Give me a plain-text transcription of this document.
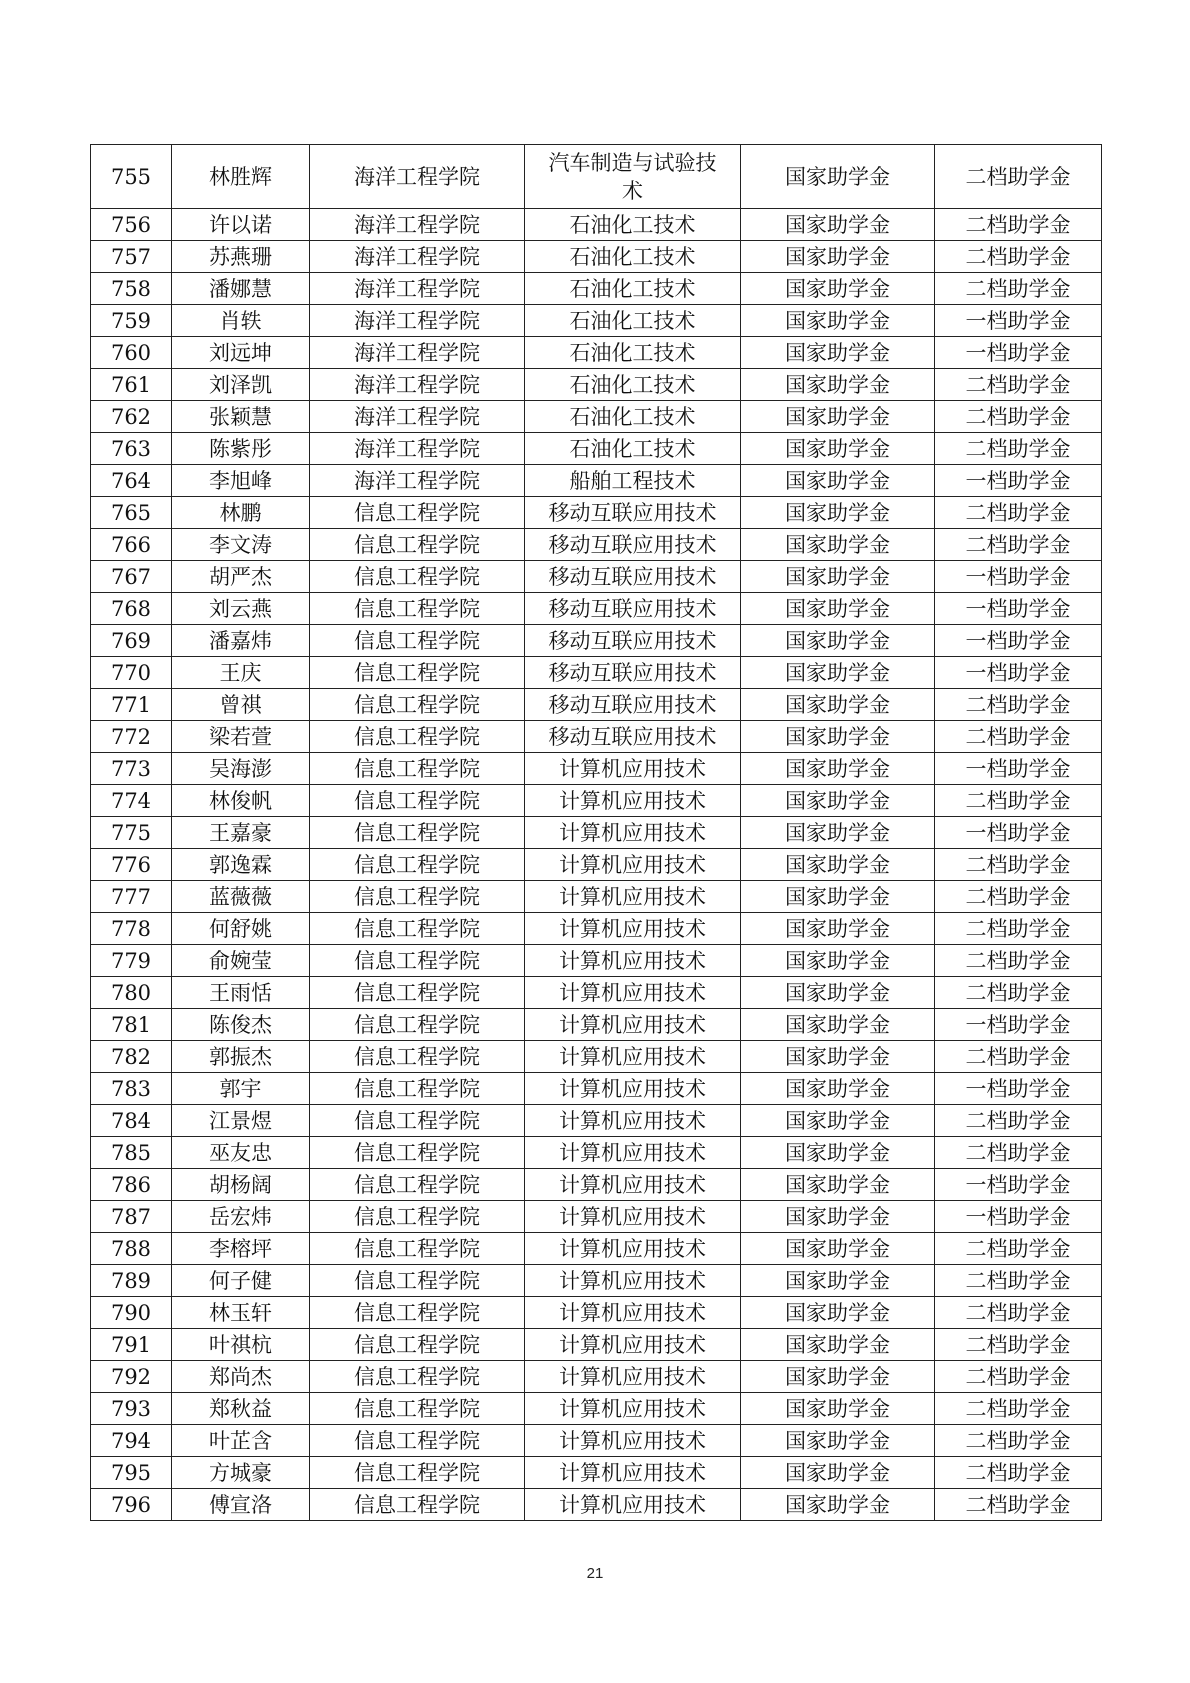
755	林胜辉	海洋工程学院	汽车制造与试验技术	国家助学金	二档助学金
756	许以诺	海洋工程学院	石油化工技术	国家助学金	二档助学金
757	苏燕珊	海洋工程学院	石油化工技术	国家助学金	二档助学金
758	潘娜慧	海洋工程学院	石油化工技术	国家助学金	二档助学金
759	肖轶	海洋工程学院	石油化工技术	国家助学金	一档助学金
760	刘远坤	海洋工程学院	石油化工技术	国家助学金	一档助学金
761	刘泽凯	海洋工程学院	石油化工技术	国家助学金	二档助学金
762	张颖慧	海洋工程学院	石油化工技术	国家助学金	二档助学金
763	陈紫彤	海洋工程学院	石油化工技术	国家助学金	二档助学金
764	李旭峰	海洋工程学院	船舶工程技术	国家助学金	一档助学金
765	林鹏	信息工程学院	移动互联应用技术	国家助学金	二档助学金
766	李文涛	信息工程学院	移动互联应用技术	国家助学金	二档助学金
767	胡严杰	信息工程学院	移动互联应用技术	国家助学金	一档助学金
768	刘云燕	信息工程学院	移动互联应用技术	国家助学金	一档助学金
769	潘嘉炜	信息工程学院	移动互联应用技术	国家助学金	一档助学金
770	王庆	信息工程学院	移动互联应用技术	国家助学金	一档助学金
771	曾祺	信息工程学院	移动互联应用技术	国家助学金	二档助学金
772	梁若萱	信息工程学院	移动互联应用技术	国家助学金	二档助学金
773	吴海澎	信息工程学院	计算机应用技术	国家助学金	一档助学金
774	林俊帆	信息工程学院	计算机应用技术	国家助学金	二档助学金
775	王嘉豪	信息工程学院	计算机应用技术	国家助学金	一档助学金
776	郭逸霖	信息工程学院	计算机应用技术	国家助学金	二档助学金
777	蓝薇薇	信息工程学院	计算机应用技术	国家助学金	二档助学金
778	何舒姚	信息工程学院	计算机应用技术	国家助学金	二档助学金
779	俞婉莹	信息工程学院	计算机应用技术	国家助学金	二档助学金
780	王雨恬	信息工程学院	计算机应用技术	国家助学金	二档助学金
781	陈俊杰	信息工程学院	计算机应用技术	国家助学金	一档助学金
782	郭振杰	信息工程学院	计算机应用技术	国家助学金	二档助学金
783	郭宇	信息工程学院	计算机应用技术	国家助学金	一档助学金
784	江景煜	信息工程学院	计算机应用技术	国家助学金	二档助学金
785	巫友忠	信息工程学院	计算机应用技术	国家助学金	二档助学金
786	胡杨阔	信息工程学院	计算机应用技术	国家助学金	一档助学金
787	岳宏炜	信息工程学院	计算机应用技术	国家助学金	一档助学金
788	李榕坪	信息工程学院	计算机应用技术	国家助学金	二档助学金
789	何子健	信息工程学院	计算机应用技术	国家助学金	二档助学金
790	林玉轩	信息工程学院	计算机应用技术	国家助学金	二档助学金
791	叶祺杭	信息工程学院	计算机应用技术	国家助学金	二档助学金
792	郑尚杰	信息工程学院	计算机应用技术	国家助学金	二档助学金
793	郑秋益	信息工程学院	计算机应用技术	国家助学金	二档助学金
794	叶芷含	信息工程学院	计算机应用技术	国家助学金	二档助学金
795	方城豪	信息工程学院	计算机应用技术	国家助学金	二档助学金
796	傅宣洛	信息工程学院	计算机应用技术	国家助学金	二档助学金
21
